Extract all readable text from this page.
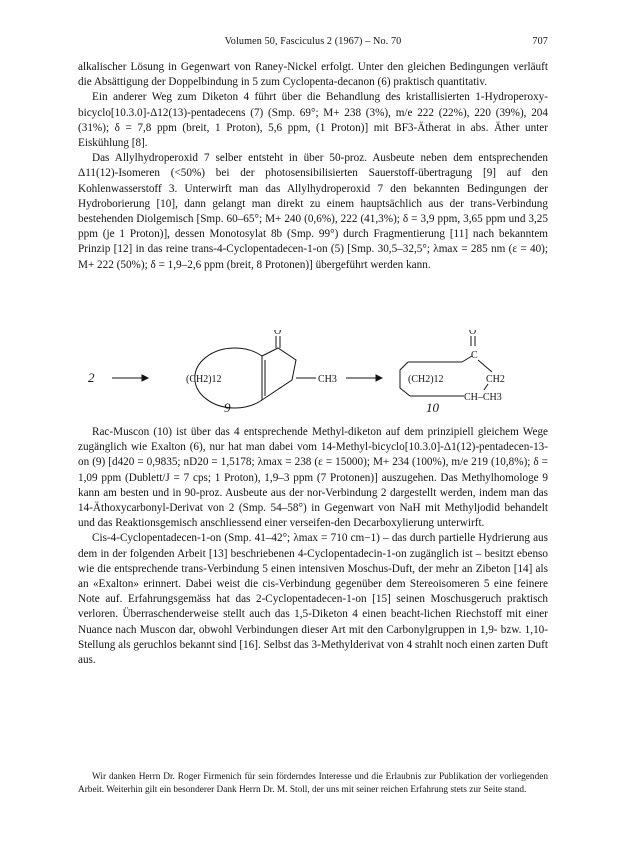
Volumen 50, Fasciculus 2 (1967) – No. 70	707

alkalischer Lösung in Gegenwart von Raney-Nickel erfolgt. Unter den gleichen Bedingungen verläuft die Absättigung der Doppelbindung in 5 zum Cyclopenta-decanon (6) praktisch quantitativ.

Ein anderer Weg zum Diketon 4 führt über die Behandlung des kristallisierten 1-Hydroperoxy-bicyclo[10.3.0]-Δ12(13)-pentadecens (7) (Smp. 69°; M+ 238 (3%), m/e 222 (22%), 220 (39%), 204 (31%); δ = 7,8 ppm (breit, 1 Proton), 5,6 ppm, (1 Proton)] mit BF3-Ätherat in abs. Äther unter Eiskühlung [8].

Das Allylhydroperoxid 7 selber entsteht in über 50-proz. Ausbeute neben dem entsprechenden Δ11(12)-Isomeren (<50%) bei der photosensibilisierten Sauerstoff-übertragung [9] auf den Kohlenwasserstoff 3. Unterwirft man das Allylhydroperoxid 7 den bekannten Bedingungen der Hydroborierung [10], dann gelangt man direkt zu einem hauptsächlich aus der trans-Verbindung bestehenden Diolgemisch [Smp. 60–65°; M+ 240 (0,6%), 222 (41,3%); δ = 3,9 ppm, 3,65 ppm und 3,25 ppm (je 1 Proton)], dessen Monotosylat 8b (Smp. 99°) durch Fragmentierung [11] nach bekanntem Prinzip [12] in das reine trans-4-Cyclopentadecen-1-on (5) [Smp. 30,5–32,5°; λmax = 285 nm (ε = 40); M+ 222 (50%); δ = 1,9–2,6 ppm (breit, 8 Protonen)] übergeführt werden kann.

2	(CH2)12
O
CH3
9
(CH2)12
O
C
CH2
CH–CH3
10

Rac-Muscon (10) ist über das 4 entsprechende Methyl-diketon auf dem prinzipiell gleichem Wege zugänglich wie Exalton (6), nur hat man dabei vom 14-Methyl-bicyclo[10.3.0]-Δ1(12)-pentadecen-13-on (9) [d420 = 0,9835; nD20 = 1,5178; λmax = 238 (ε = 15000); M+ 234 (100%), m/e 219 (10,8%); δ = 1,09 ppm (Dublett/J = 7 cps; 1 Proton), 1,9–3 ppm (7 Protonen)] auszugehen. Das Methylhomologe 9 kann am besten und in 90-proz. Ausbeute aus der nor-Verbindung 2 dargestellt werden, indem man das 14-Äthoxycarbonyl-Derivat von 2 (Smp. 54–58°) in Gegenwart von NaH mit Methyljodid behandelt und das Reaktionsgemisch anschliessend einer verseifen-den Decarboxylierung unterwirft.

Cis-4-Cyclopentadecen-1-on (Smp. 41–42°; λmax = 710 cm−1) – das durch partielle Hydrierung aus dem in der folgenden Arbeit [13] beschriebenen 4-Cyclopentadecin-1-on zugänglich ist – besitzt ebenso wie die entsprechende trans-Verbindung 5 einen intensiven Moschus-Duft, der mehr an Zibeton [14] als an «Exalton» erinnert. Dabei weist die cis-Verbindung gegenüber dem Stereoisomeren 5 eine feinere Note auf. Erfahrungsgemäss hat das 2-Cyclopentadecen-1-on [15] seinen Moschusgeruch praktisch verloren. Überraschenderweise stellt auch das 1,5-Diketon 4 einen beacht-lichen Riechstoff mit einer Nuance nach Muscon dar, obwohl Verbindungen dieser Art mit den Carbonylgruppen in 1,9- bzw. 1,10-Stellung als geruchlos bekannt sind [16]. Selbst das 3-Methylderivat von 4 strahlt noch einen zarten Duft aus.

Wir danken Herrn Dr. Roger Firmenich für sein förderndes Interesse und die Erlaubnis zur Publikation der vorliegenden Arbeit. Weiterhin gilt ein besonderer Dank Herrn Dr. M. Stoll, der uns mit seiner reichen Erfahrung stets zur Seite stand.
